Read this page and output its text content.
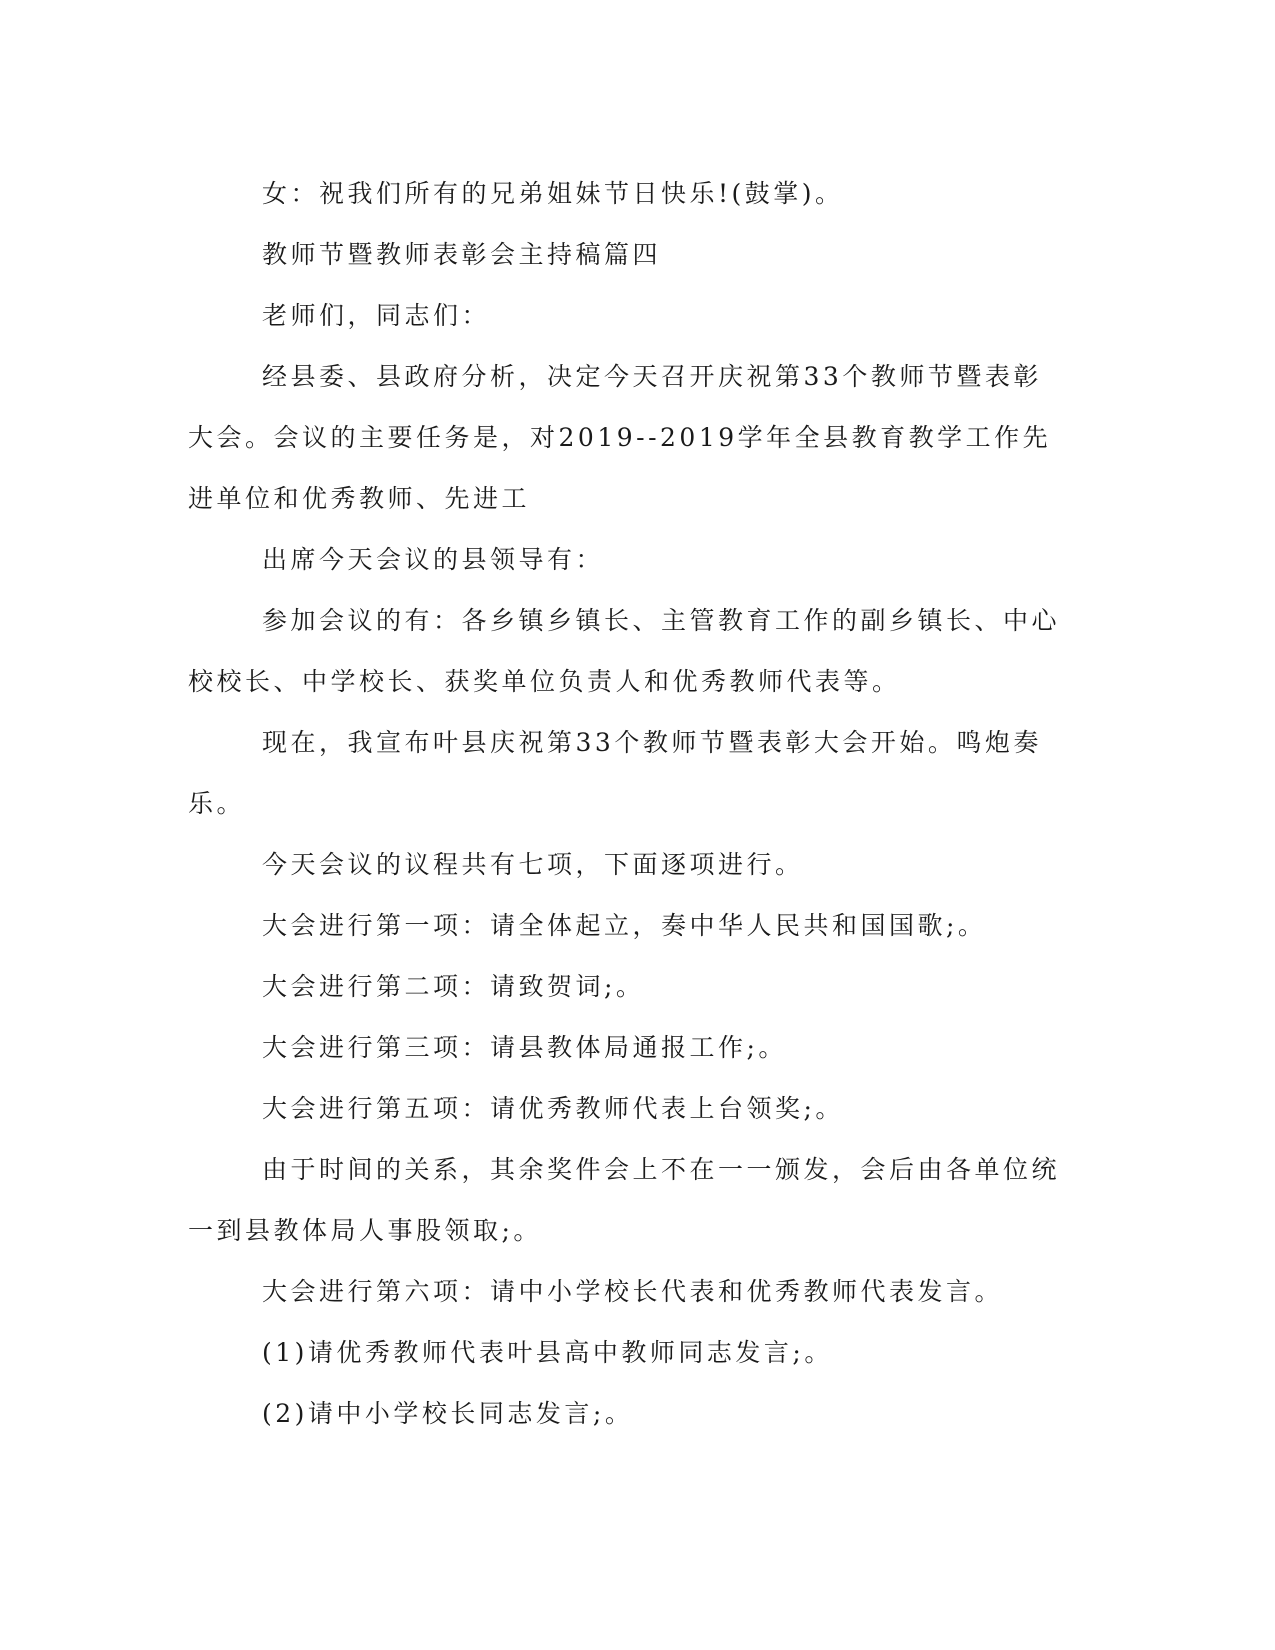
女：祝我们所有的兄弟姐妹节日快乐!(鼓掌)。

教师节暨教师表彰会主持稿篇四

老师们，同志们：

经县委、县政府分析，决定今天召开庆祝第33个教师节暨表彰大会。会议的主要任务是，对2019--2019学年全县教育教学工作先进单位和优秀教师、先进工

出席今天会议的县领导有：

参加会议的有：各乡镇乡镇长、主管教育工作的副乡镇长、中心校校长、中学校长、获奖单位负责人和优秀教师代表等。

现在，我宣布叶县庆祝第33个教师节暨表彰大会开始。鸣炮奏乐。

今天会议的议程共有七项，下面逐项进行。

大会进行第一项：请全体起立，奏中华人民共和国国歌;。

大会进行第二项：请致贺词;。

大会进行第三项：请县教体局通报工作;。

大会进行第五项：请优秀教师代表上台领奖;。

由于时间的关系，其余奖件会上不在一一颁发，会后由各单位统一到县教体局人事股领取;。

大会进行第六项：请中小学校长代表和优秀教师代表发言。

(1)请优秀教师代表叶县高中教师同志发言;。

(2)请中小学校长同志发言;。
